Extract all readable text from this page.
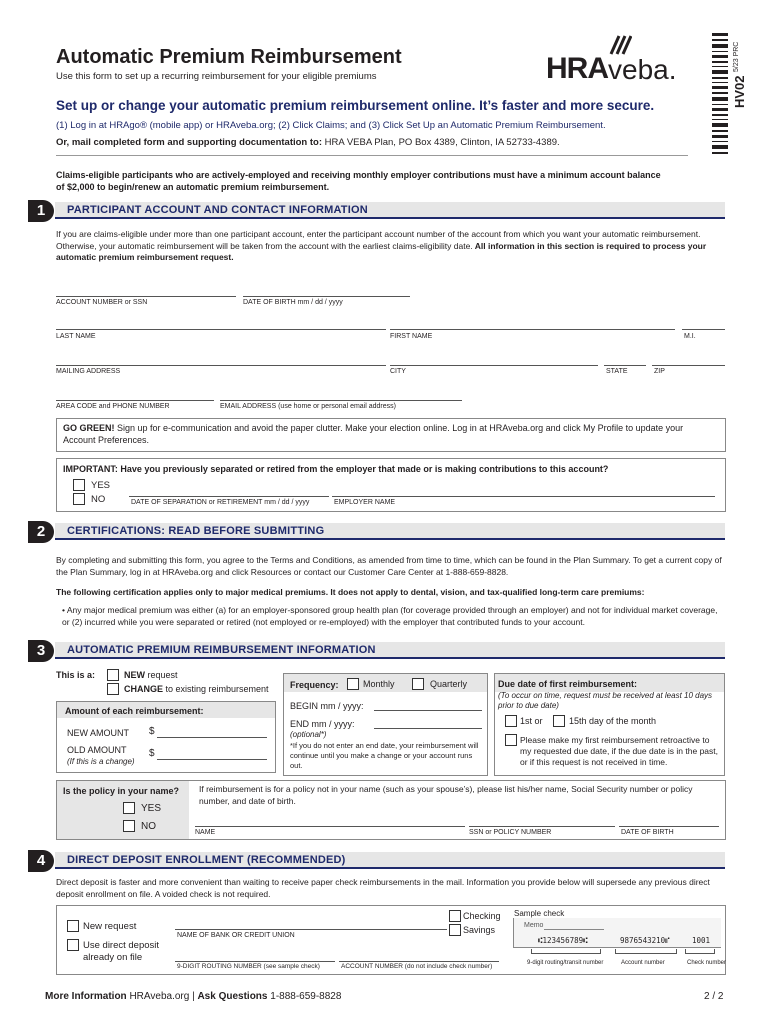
Automatic Premium Reimbursement
Use this form to set up a recurring reimbursement for your eligible premiums	HRA veba.
HV02
5/23 PRC
Set up or change your automatic premium reimbursement online. It’s faster and more secure.
(1) Log in at HRAgo® (mobile app) or HRAveba.org; (2) Click Claims; and (3) Click Set Up an Automatic Premium Reimbursement.
Or, mail completed form and supporting documentation to: HRA VEBA Plan, PO Box 4389, Clinton, IA 52733-4389.
Claims-eligible participants who are actively-employed and receiving monthly employer contributions must have a minimum account balance of $2,000 to begin/renew an automatic premium reimbursement.
1	PARTICIPANT ACCOUNT AND CONTACT INFORMATION
If you are claims-eligible under more than one participant account, enter the participant account number of the account from which you want your automatic reimbursement. Otherwise, your automatic reimbursement will be taken from the account with the earliest claims-eligibility date. All information in this section is required to process your automatic premium reimbursement request.
ACCOUNT NUMBER or SSN	DATE OF BIRTH mm / dd / yyyy
LAST NAME	FIRST NAME	M.I.
MAILING ADDRESS	CITY	STATE	ZIP
AREA CODE and PHONE NUMBER	EMAIL ADDRESS (use home or personal email address)
GO GREEN! Sign up for e-communication and avoid the paper clutter. Make your election online. Log in at HRAveba.org and click My Profile to update your Account Preferences.
IMPORTANT: Have you previously separated or retired from the employer that made or is making contributions to this account?
YES
NO	DATE OF SEPARATION or RETIREMENT mm / dd / yyyy	EMPLOYER NAME
2	CERTIFICATIONS: READ BEFORE SUBMITTING
By completing and submitting this form, you agree to the Terms and Conditions, as amended from time to time, which can be found in the Plan Summary. To get a current copy of the Plan Summary, log in at HRAveba.org and click Resources or contact our Customer Care Center at 1-888-659-8828.
The following certification applies only to major medical premiums. It does not apply to dental, vision, and tax-qualified long-term care premiums:
• Any major medical premium was either (a) for an employer-sponsored group health plan (for coverage provided through an employer) and not for individual market coverage, or (2) incurred while you were separated or retired (not employed or re-employed) with the employer that contributed funds to your account.
3	AUTOMATIC PREMIUM REIMBURSEMENT INFORMATION
This is a:	NEW request
CHANGE to existing reimbursement
Amount of each reimbursement:
NEW AMOUNT $
OLD AMOUNT
(If this is a change)
$
Frequency:	Monthly	Quarterly
BEGIN mm / yyyy:
END mm / yyyy:
(optional*)
*If you do not enter an end date, your reimbursement will continue until you make a change or your account runs out.
Due date of first reimbursement:
(To occur on time, request must be received at least 10 days prior to due date)
1st or	15th day of the month
Please make my first reimbursement retroactive to my requested due date, if the due date is in the past, or if this request is not received in time.
Is the policy in your name?
YES
NO
If reimbursement is for a policy not in your name (such as your spouse’s), please list his/her name, Social Security number or policy number, and date of birth.
NAME	SSN or POLICY NUMBER	DATE OF BIRTH
4	DIRECT DEPOSIT ENROLLMENT (RECOMMENDED)
Direct deposit is faster and more convenient than waiting to receive paper check reimbursements in the mail. Information you provide below will supersede any previous direct deposit enrollment on file. A voided check is not required.
New request
Use direct deposit already on file
NAME OF BANK OR CREDIT UNION
Checking
Savings
9-DIGIT ROUTING NUMBER (see sample check)	ACCOUNT NUMBER (do not include check number)
Sample check
Memo
⑆123456789⑆	9876543210⑈	1001
9-digit routing/transit number	Account number	Check number
More Information HRAveba.org | Ask Questions 1-888-659-8828	2 / 2
